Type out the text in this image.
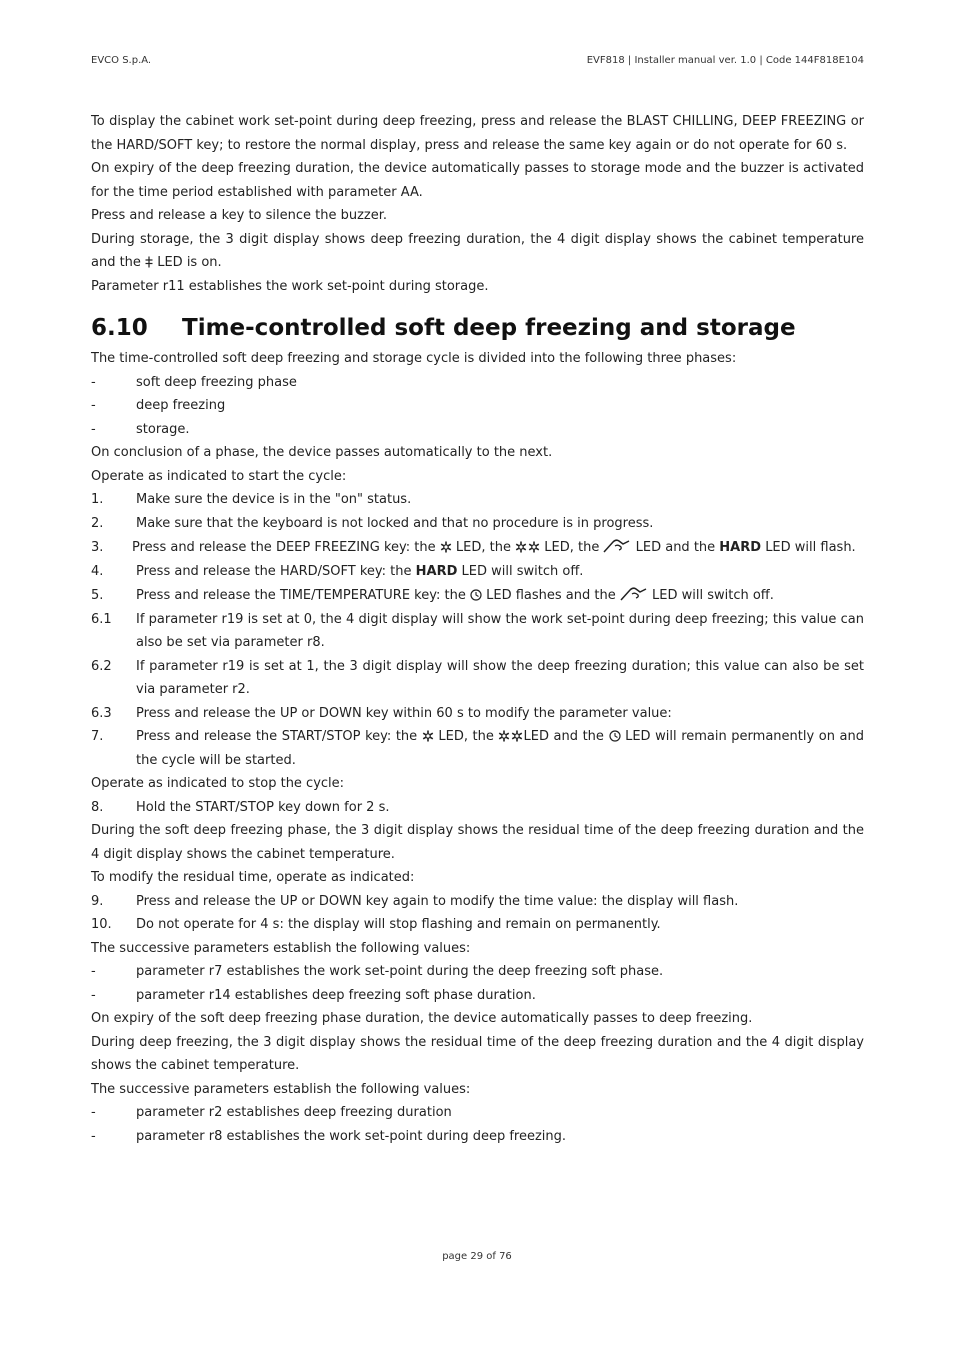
EVCO S.p.A.	EVF818 | Installer manual ver. 1.0 | Code 144F818E104

To display the cabinet work set-point during deep freezing, press and release the BLAST CHILLING, DEEP FREEZING or the HARD/SOFT key; to restore the normal display, press and release the same key again or do not operate for 60 s.

On expiry of the deep freezing duration, the device automatically passes to storage mode and the buzzer is activated for the time period established with parameter AA.

Press and release a key to silence the buzzer.

During storage, the 3 digit display shows deep freezing duration, the 4 digit display shows the cabinet temperature and the LED is on.

Parameter r11 establishes the work set-point during storage.

6.10	Time-controlled soft deep freezing and storage

The time-controlled soft deep freezing and storage cycle is divided into the following three phases:

-	soft deep freezing phase
-	deep freezing
-	storage.

On conclusion of a phase, the device passes automatically to the next.

Operate as indicated to start the cycle:

1.	Make sure the device is in the "on" status.
2.	Make sure that the keyboard is not locked and that no procedure is in progress.
3.	Press and release the DEEP FREEZING key: the LED, the	LED, the	LED and the HARD LED will flash.
4.	Press and release the HARD/SOFT key: the HARD LED will switch off.
5.	Press and release the TIME/TEMPERATURE key: the LED flashes and the	LED will switch off.
6.1	If parameter r19 is set at 0, the 4 digit display will show the work set-point during deep freezing; this value can also be set via parameter r8.
6.2	If parameter r19 is set at 1, the 3 digit display will show the deep freezing duration; this value can also be set via parameter r2.
6.3	Press and release the UP or DOWN key within 60 s to modify the parameter value:
7.	Press and release the START/STOP key: the LED, the LED and the LED will remain permanently on and the cycle will be started.

Operate as indicated to stop the cycle:

8.	Hold the START/STOP key down for 2 s.

During the soft deep freezing phase, the 3 digit display shows the residual time of the deep freezing duration and the 4 digit display shows the cabinet temperature.

To modify the residual time, operate as indicated:

9.	Press and release the UP or DOWN key again to modify the time value: the display will flash.
10.	Do not operate for 4 s: the display will stop flashing and remain on permanently.

The successive parameters establish the following values:

-	parameter r7 establishes the work set-point during the deep freezing soft phase.
-	parameter r14 establishes deep freezing soft phase duration.

On expiry of the soft deep freezing phase duration, the device automatically passes to deep freezing.

During deep freezing, the 3 digit display shows the residual time of the deep freezing duration and the 4 digit display shows the cabinet temperature.

The successive parameters establish the following values:

-	parameter r2 establishes deep freezing duration
-	parameter r8 establishes the work set-point during deep freezing.
page 29 of 76
